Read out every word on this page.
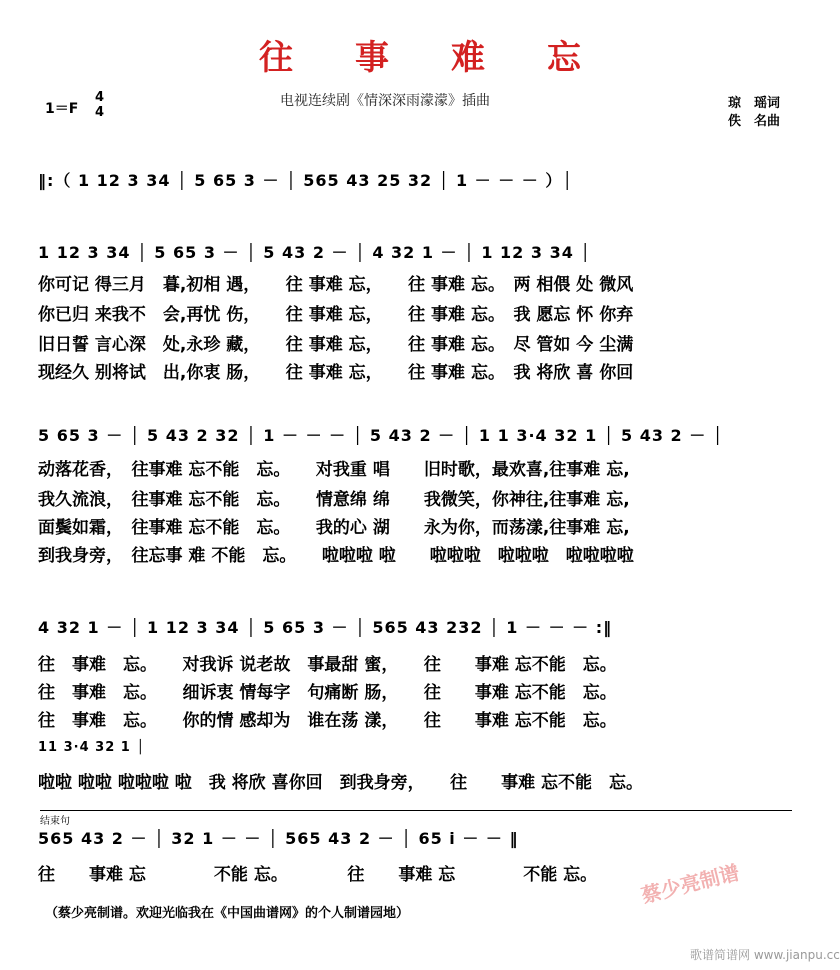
往事难忘
1＝F
4
4
电视连续剧《情深深雨濛濛》插曲	琼　瑶词
佚　名曲
‖:（ 1 12 3 34 │ 5 65 3 － │ 565 43 25 32 │ 1 － － － ）│
1 12 3 34 │ 5 65 3 － │ 5 43 2 － │ 4 32 1 － │ 1 12 3 34 │
你可记 得三月　暮,初相 遇，　　往 事难 忘，　　往 事难 忘。　两 相偎 处 微风
你已归 来我不　会,再忧 伤，　　往 事难 忘，　　往 事难 忘。　我 愿忘 怀 你弃
旧日誓 言心深　处,永珍 藏，　　往 事难 忘，　　往 事难 忘。　尽 管如 今 尘满
现经久 别将试　出,你衷 肠，　　往 事难 忘，　　往 事难 忘。　我 将欣 喜 你回
5 65 3 － │ 5 43 2 32 │ 1 － － － │ 5 43 2 － │ 1 1 3·4 32 1 │ 5 43 2 － │
动落花香，　往事难 忘不能　忘。　　对我重 唱　　旧时歌，最欢喜,往事难 忘,
我久流浪，　往事难 忘不能　忘。　　情意绵 绵　　我微笑，你神往,往事难 忘,
面鬓如霜，　往事难 忘不能　忘。　　我的心 湖　　永为你，而荡漾,往事难 忘,
到我身旁，　往忘事 难 不能　忘。　　啦啦啦 啦　　啦啦啦　啦啦啦　啦啦啦啦
4 32 1 － │ 1 12 3 34 │ 5 65 3 － │ 565 43 232 │ 1 － － － :‖
往　事难　忘。　　对我诉 说老故　事最甜 蜜，　　往　　事难 忘不能　忘。
往　事难　忘。　　细诉衷 情每字　句痛断 肠，　　往　　事难 忘不能　忘。
往　事难　忘。　　你的情 感却为　谁在荡 漾，　　往　　事难 忘不能　忘。
11 3·4 32 1 │
啦啦 啦啦 啦啦啦 啦　我 将欣 喜你回　到我身旁，　　往　　事难 忘不能　忘。
结束句
565 43 2 － │ 32 1 － － │ 565 43 2 － │ 65 i － － ‖
往　　事难 忘　　　　不能 忘。　　　　往　　事难 忘　　　　不能 忘。
（蔡少亮制谱。欢迎光临我在《中国曲谱网》的个人制谱园地）
蔡少亮制谱
歌谱简谱网 www.jianpu.cc
